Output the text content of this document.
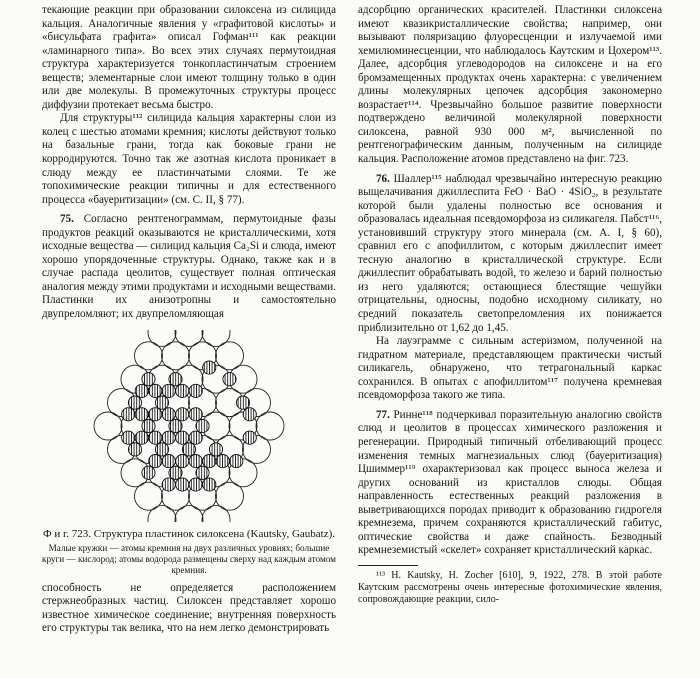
текающие реакции при образовании силоксена из силицида кальция. Аналогичные явления у «графитовой кислоты» и «бисульфата графита» описал Гофман¹¹¹ как реакции «ламинарного типа». Во всех этих случаях пермутоидная структура характеризуется тонкопластинчатым строением веществ; элементарные слои имеют толщину только в один или две молекулы. В промежуточных структуры процесс диффузии протекает весьма быстро.

Для структуры¹¹² силицида кальция характерны слои из колец с шестью атомами кремния; кислоты действуют только на базальные грани, тогда как боковые грани не корродируются. Точно так же азотная кислота проникает в слюду между ее пластинчатыми слоями. Те же топохимические реакции типичны и для естественного процесса «бауеритизации» (см. С. II, § 77).

75. Согласно рентгенограммам, пермутоидные фазы продуктов реакций оказываются не кристаллическими, хотя исходные вещества — силицид кальция Ca₂Si и слюда, имеют хорошо упорядоченные структуры. Однако, также как и в случае распада цеолитов, существует полная оптическая аналогия между этими продуктами и исходными веществами. Пластинки их анизотропны и самостоятельно двупреломляют; их двупреломляющая

Ф и г. 723. Структура пластинок силоксена (Kautsky, Gaubatz).
Малые кружки — атомы кремния на двух различных уровнях; большие круги — кислород; атомы водорода размещены сверху над каждым атомом кремния.

способность не определяется расположением стержнеобразных частиц. Силоксен представляет хорошо известное химическое соединение; внутренняя поверхность его структуры так велика, что на нем легко демонстрировать

адсорбцию органических красителей. Пластинки силоксена имеют квазикристаллические свойства; например, они вызывают поляризацию флуоресценции и излучаемой ими хемилюминесценции, что наблюдалось Каутским и Цохером¹¹³. Далее, адсорбция углеводородов на силоксене и на его бромзамещенных продуктах очень характерна: с увеличением длины молекулярных цепочек адсорбция закономерно возрастает¹¹⁴. Чрезвычайно большое развитие поверхности подтверждено величиной молекулярной поверхности силоксена, равной 930 000 м², вычисленной по рентгенографическим данным, полученным на силициде кальция. Расположение атомов представлено на фиг. 723.

76. Шаллер¹¹⁵ наблюдал чрезвычайно интересную реакцию выщелачивания джиллеспита FeO · BaO · 4SiO₂, в результате которой были удалены полностью все основания и образовалась идеальная псевдоморфоза из силикагеля. Пабст¹¹⁶, установивший структуру этого минерала (см. А. I, § 60), сравнил его с апофиллитом, с которым джиллеспит имеет тесную аналогию в кристаллической структуре. Если джиллеспит обрабатывать водой, то железо и барий полностью из него удаляются; остающиеся блестящие чешуйки отрицательны, односны, подобно исходному силикату, но средний показатель светопреломления их понижается приблизительно от 1,62 до 1,45.

На лауэграмме с сильным астеризмом, полученной на гидратном материале, представляющем практически чистый силикагель, обнаружено, что тетрагональный каркас сохранился. В опытах с апофиллитом¹¹⁷ получена кремневая псевдоморфоза такого же типа.

77. Ринне¹¹⁸ подчеркивал поразительную аналогию свойств слюд и цеолитов в процессах химического разложения и регенерации. Природный типичный отбеливающий процесс изменения темных магнезиальных слюд (бауеритизация) Цшиммер¹¹⁹ охарактеризовал как процесс выноса железа и других оснований из кристаллов слюды. Общая направленность естественных реакций разложения в выветривающихся породах приводит к образованию гидрогеля кремнезема, причем сохраняются кристаллический габитус, оптические свойства и даже спайность. Безводный кремнеземистый «скелет» сохраняет кристаллический каркас.

¹¹³ H. Kautsky, H. Zocher [610], 9, 1922, 278. В этой работе Каутским рассмотрены очень интересные фотохимические явления, сопровождающие реакции, сило-
